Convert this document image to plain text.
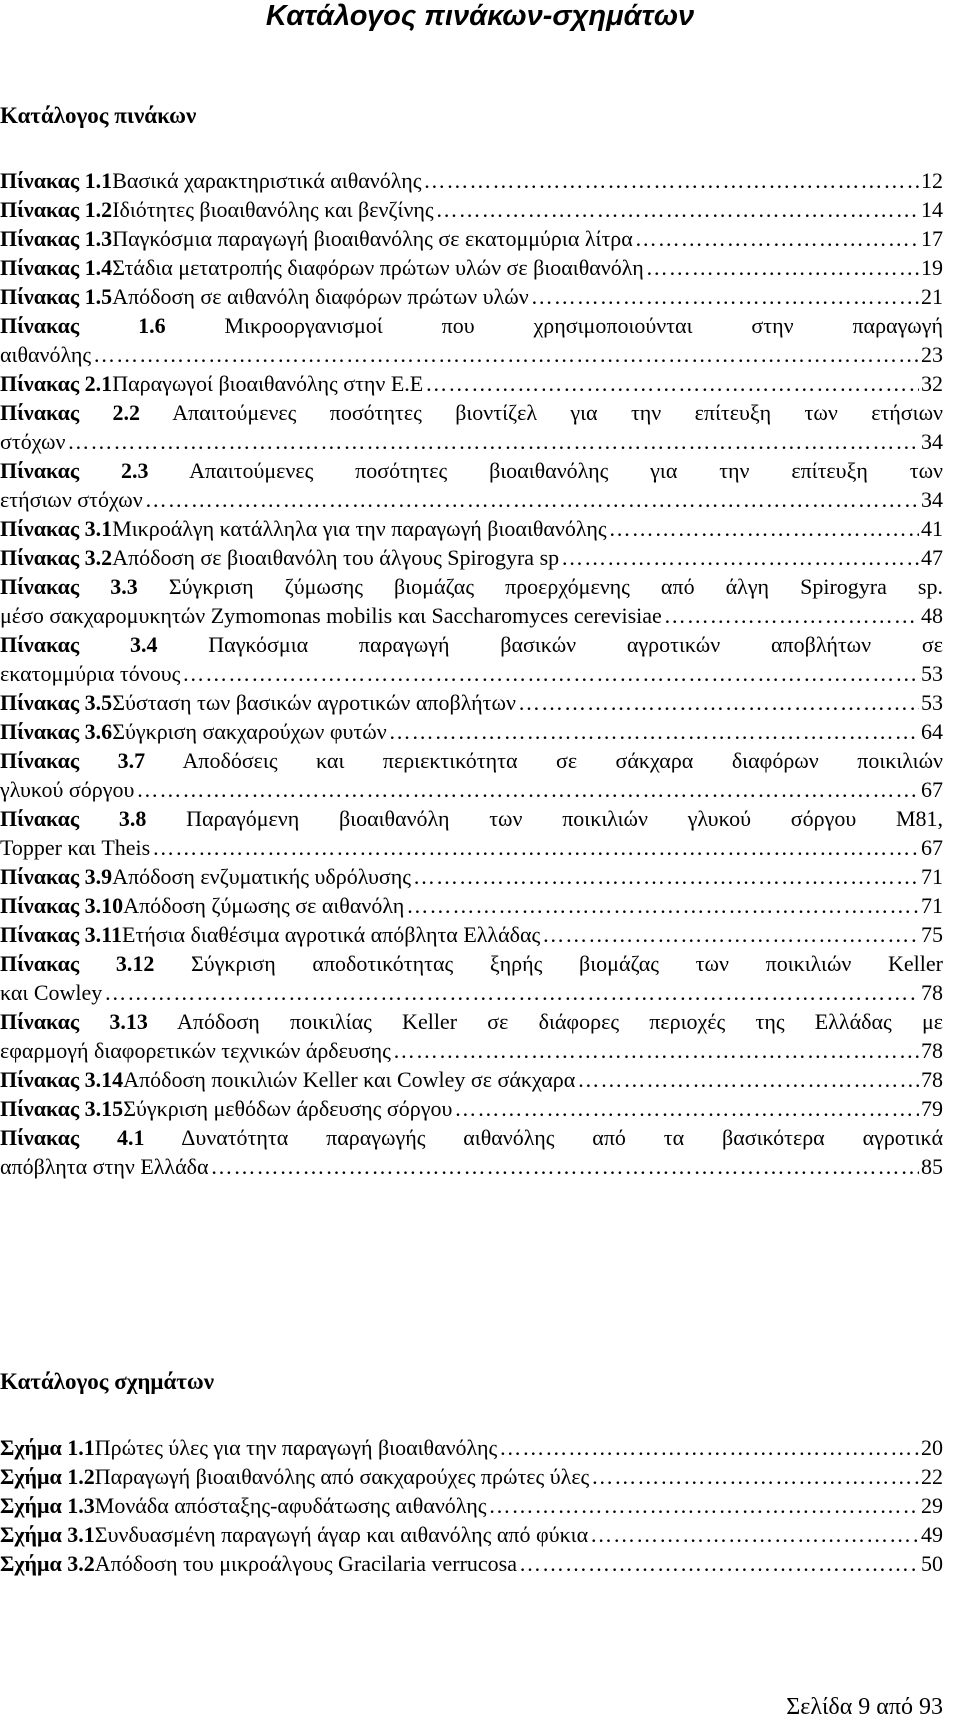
Κατάλογος πινάκων-σχημάτων
Κατάλογος πινάκων
Πίνακας 1.1 Βασικά χαρακτηριστικά αιθανόλης ……………………………………………………………………………………………………………………………………………………………………………………………………………………………	12
Πίνακας 1.2 Ιδιότητες βιοαιθανόλης και βενζίνης ……………………………………………………………………………………………………………………………………………………………………………………………………………………………	14
Πίνακας 1.3 Παγκόσμια παραγωγή βιοαιθανόλης σε εκατομμύρια λίτρα ……………………………………………………………………………………………………………………………………………………………………………………………………………………………	17
Πίνακας 1.4 Στάδια μετατροπής διαφόρων πρώτων υλών σε βιοαιθανόλη ……………………………………………………………………………………………………………………………………………………………………………………………………………………………	19
Πίνακας 1.5 Απόδοση σε αιθανόλη διαφόρων πρώτων υλών ……………………………………………………………………………………………………………………………………………………………………………………………………………………………	21
Πίνακας 1.6	Μικροοργανισμοί που χρησιμοποιούνται στην παραγωγή
αιθανόλης ……………………………………………………………………………………………………………………………………………………………………………………………………………………………	23
Πίνακας 2.1 Παραγωγοί βιοαιθανόλης στην Ε.Ε ……………………………………………………………………………………………………………………………………………………………………………………………………………………………	32
Πίνακας 2.2 Απαιτούμενες ποσότητες βιοντίζελ για την επίτευξη των ετήσιων
στόχων ……………………………………………………………………………………………………………………………………………………………………………………………………………………………	34
Πίνακας 2.3 Απαιτούμενες ποσότητες βιοαιθανόλης για την επίτευξη των
ετήσιων στόχων ……………………………………………………………………………………………………………………………………………………………………………………………………………………………	34
Πίνακας 3.1 Μικροάλγη κατάλληλα για την παραγωγή βιοαιθανόλης ……………………………………………………………………………………………………………………………………………………………………………………………………………………………	41
Πίνακας 3.2 Απόδοση σε βιοαιθανόλη του άλγους Spirogyra sp ……………………………………………………………………………………………………………………………………………………………………………………………………………………………	47
Πίνακας 3.3 Σύγκριση ζύμωσης βιομάζας προερχόμενης από άλγη Spirogyra sp.
μέσο σακχαρομυκητών Zymomonas mobilis και Saccharomyces cerevisiae ……………………………………………………………………………………………………………………………………………………………………………………………………………………………	48
Πίνακας 3.4 Παγκόσμια παραγωγή βασικών αγροτικών αποβλήτων σε
εκατομμύρια τόνους ……………………………………………………………………………………………………………………………………………………………………………………………………………………………	53
Πίνακας 3.5 Σύσταση των βασικών αγροτικών αποβλήτων ……………………………………………………………………………………………………………………………………………………………………………………………………………………………	53
Πίνακας 3.6 Σύγκριση σακχαρούχων φυτών ……………………………………………………………………………………………………………………………………………………………………………………………………………………………	64
Πίνακας 3.7 Αποδόσεις και περιεκτικότητα σε σάκχαρα διαφόρων ποικιλιών
γλυκού σόργου ……………………………………………………………………………………………………………………………………………………………………………………………………………………………	67
Πίνακας 3.8 Παραγόμενη βιοαιθανόλη των ποικιλιών γλυκού σόργου M81,
Topper και Theis ……………………………………………………………………………………………………………………………………………………………………………………………………………………………	67
Πίνακας 3.9 Απόδοση ενζυματικής υδρόλυσης ……………………………………………………………………………………………………………………………………………………………………………………………………………………………	71
Πίνακας 3.10 Απόδοση ζύμωσης σε αιθανόλη ……………………………………………………………………………………………………………………………………………………………………………………………………………………………	71
Πίνακας 3.11 Ετήσια διαθέσιμα αγροτικά απόβλητα Ελλάδας ……………………………………………………………………………………………………………………………………………………………………………………………………………………………	75
Πίνακας 3.12 Σύγκριση αποδοτικότητας ξηρής βιομάζας των ποικιλιών Keller
και Cowley ……………………………………………………………………………………………………………………………………………………………………………………………………………………………	78
Πίνακας 3.13 Απόδοση ποικιλίας Keller σε διάφορες περιοχές της Ελλάδας με
εφαρμογή διαφορετικών τεχνικών άρδευσης ……………………………………………………………………………………………………………………………………………………………………………………………………………………………	78
Πίνακας 3.14 Απόδοση ποικιλιών Keller και Cowley σε σάκχαρα ……………………………………………………………………………………………………………………………………………………………………………………………………………………………	78
Πίνακας 3.15 Σύγκριση μεθόδων άρδευσης σόργου ……………………………………………………………………………………………………………………………………………………………………………………………………………………………	79
Πίνακας 4.1 Δυνατότητα παραγωγής αιθανόλης από τα βασικότερα αγροτικά
απόβλητα στην Ελλάδα ……………………………………………………………………………………………………………………………………………………………………………………………………………………………	85
Κατάλογος σχημάτων
Σχήμα 1.1 Πρώτες ύλες για την παραγωγή βιοαιθανόλης ……………………………………………………………………………………………………………………………………………………………………………………………………………………………	20
Σχήμα 1.2 Παραγωγή βιοαιθανόλης από σακχαρούχες πρώτες ύλες ……………………………………………………………………………………………………………………………………………………………………………………………………………………………	22
Σχήμα 1.3 Μονάδα απόσταξης-αφυδάτωσης αιθανόλης ……………………………………………………………………………………………………………………………………………………………………………………………………………………………	29
Σχήμα 3.1 Συνδυασμένη παραγωγή άγαρ και αιθανόλης από φύκια ……………………………………………………………………………………………………………………………………………………………………………………………………………………………	49
Σχήμα 3.2 Απόδοση του μικροάλγους Gracilaria verrucosa ……………………………………………………………………………………………………………………………………………………………………………………………………………………………	50
Σελίδα 9 από 93
